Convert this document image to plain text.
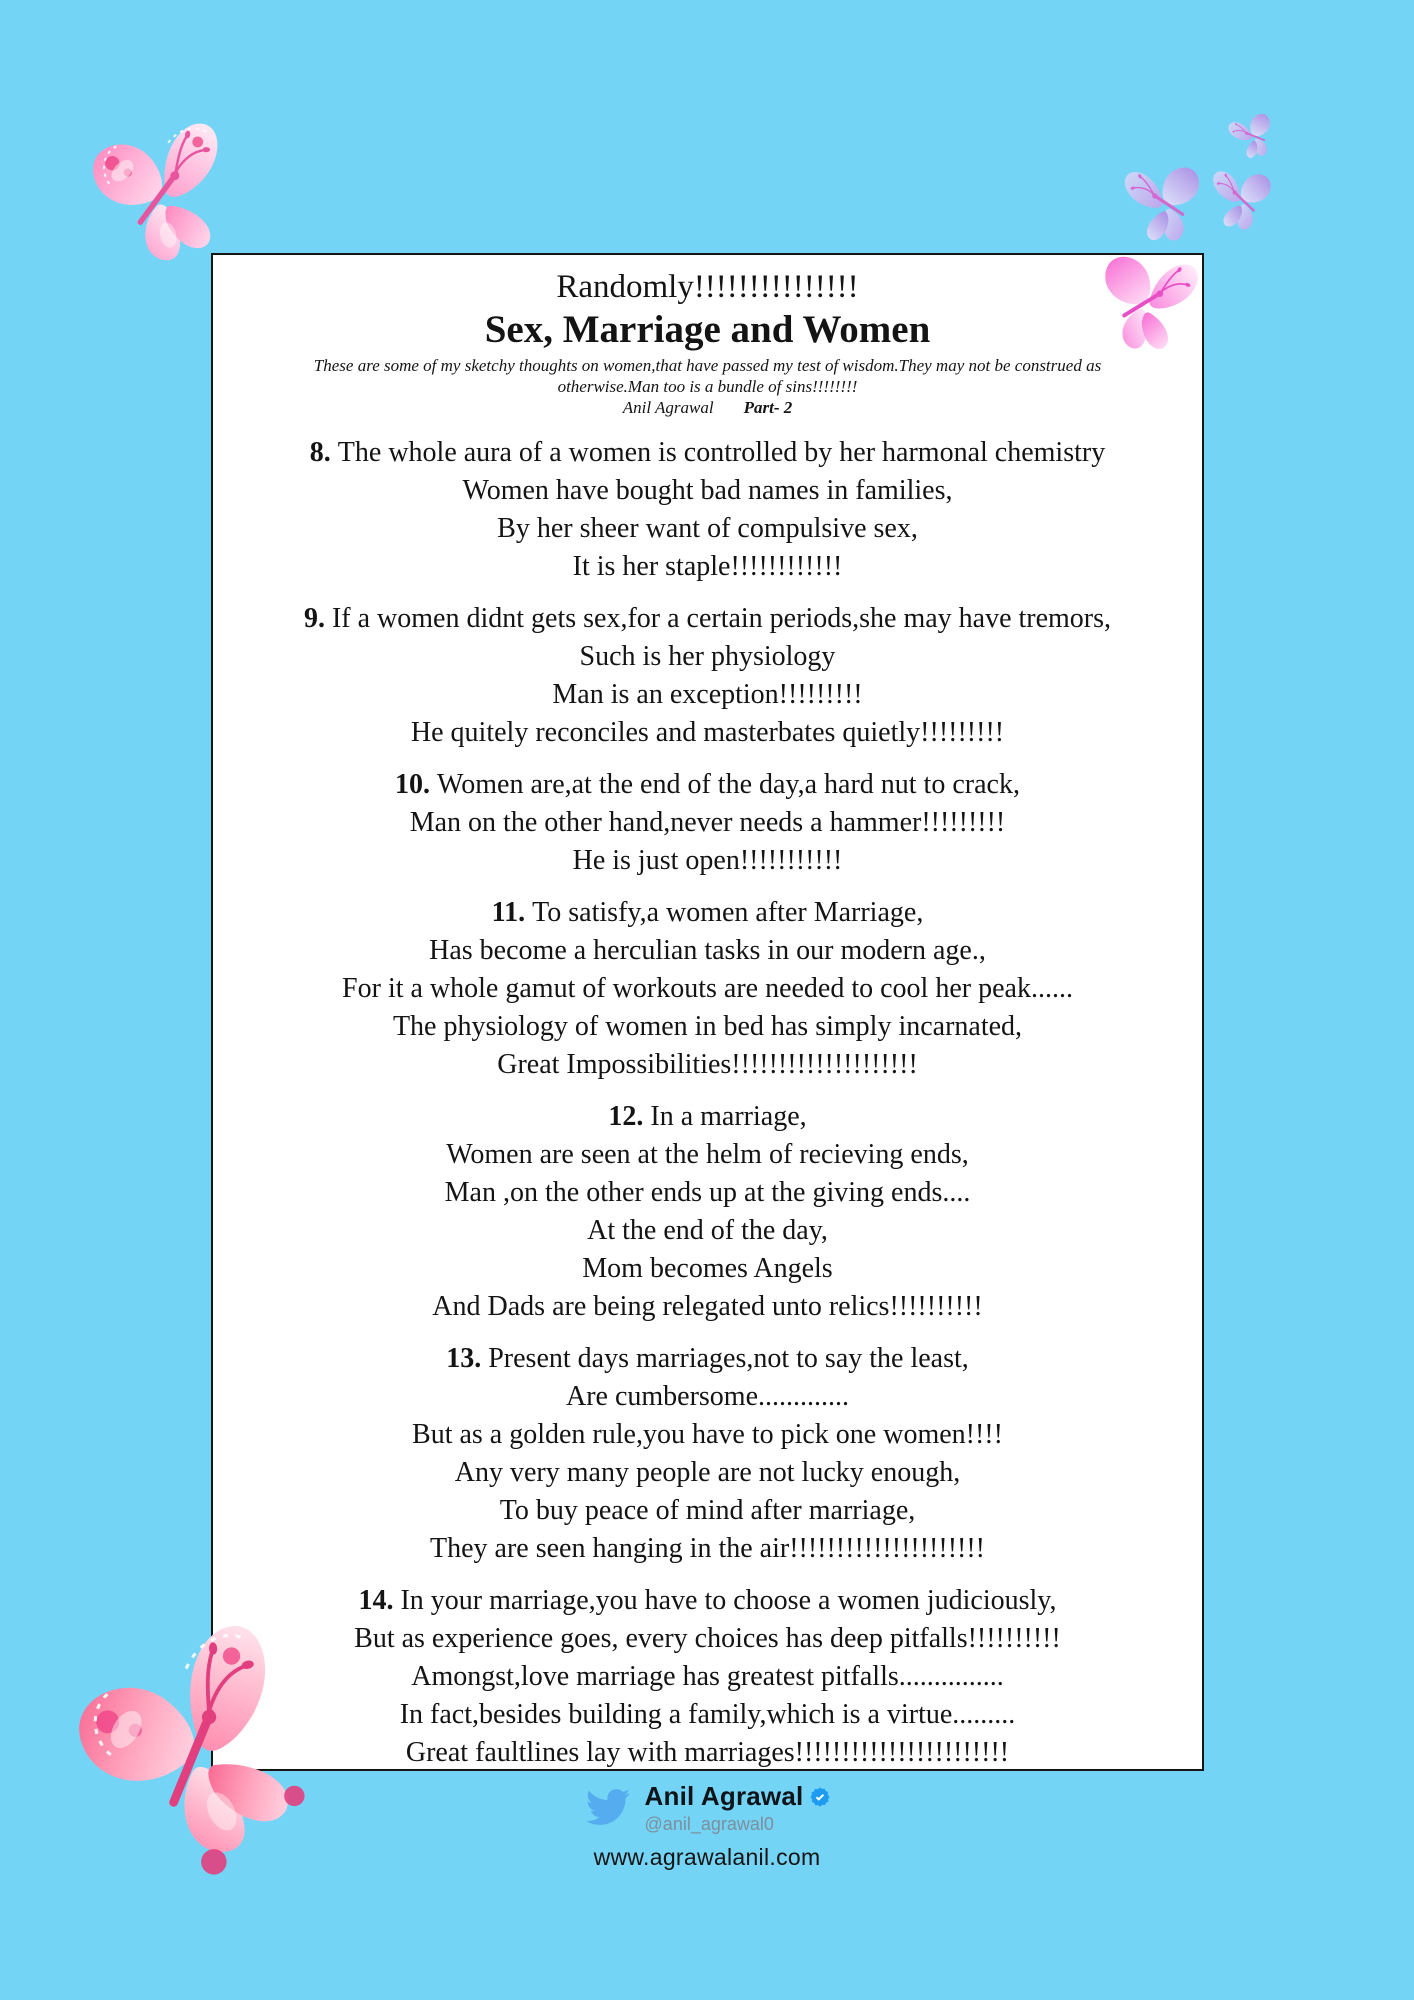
Randomly!!!!!!!!!!!!!!!
Sex, Marriage and Women
These are some of my sketchy thoughts on women,that have passed my test of wisdom.They may not be construed as
otherwise.Man too is a bundle of sins!!!!!!!!
Anil Agrawal Part- 2
8. The whole aura of a women is controlled by her harmonal chemistry
Women have bought bad names in families,
By her sheer want of compulsive sex,
It is her staple!!!!!!!!!!!!
9. If a women didnt gets sex,for a certain periods,she may have tremors,
Such is her physiology
Man is an exception!!!!!!!!!
He quitely reconciles and masterbates quietly!!!!!!!!!
10. Women are,at the end of the day,a hard nut to crack,
Man on the other hand,never needs a hammer!!!!!!!!!
He is just open!!!!!!!!!!!
11. To satisfy,a women after Marriage,
Has become a herculian tasks in our modern age.,
For it a whole gamut of workouts are needed to cool her peak......
The physiology of women in bed has simply incarnated,
Great Impossibilities!!!!!!!!!!!!!!!!!!!!
12. In a marriage,
Women are seen at the helm of recieving ends,
Man ,on the other ends up at the giving ends....
At the end of the day,
Mom becomes Angels
And Dads are being relegated unto relics!!!!!!!!!!
13. Present days marriages,not to say the least,
Are cumbersome.............
But as a golden rule,you have to pick one women!!!!
Any very many people are not lucky enough,
To buy peace of mind after marriage,
They are seen hanging in the air!!!!!!!!!!!!!!!!!!!!!
14. In your marriage,you have to choose a women judiciously,
But as experience goes, every choices has deep pitfalls!!!!!!!!!!
Amongst,love marriage has greatest pitfalls...............
In fact,besides building a family,which is a virtue.........
Great faultlines lay with marriages!!!!!!!!!!!!!!!!!!!!!!!
Anil Agrawal
@anil_agrawal0
www.agrawalanil.com
